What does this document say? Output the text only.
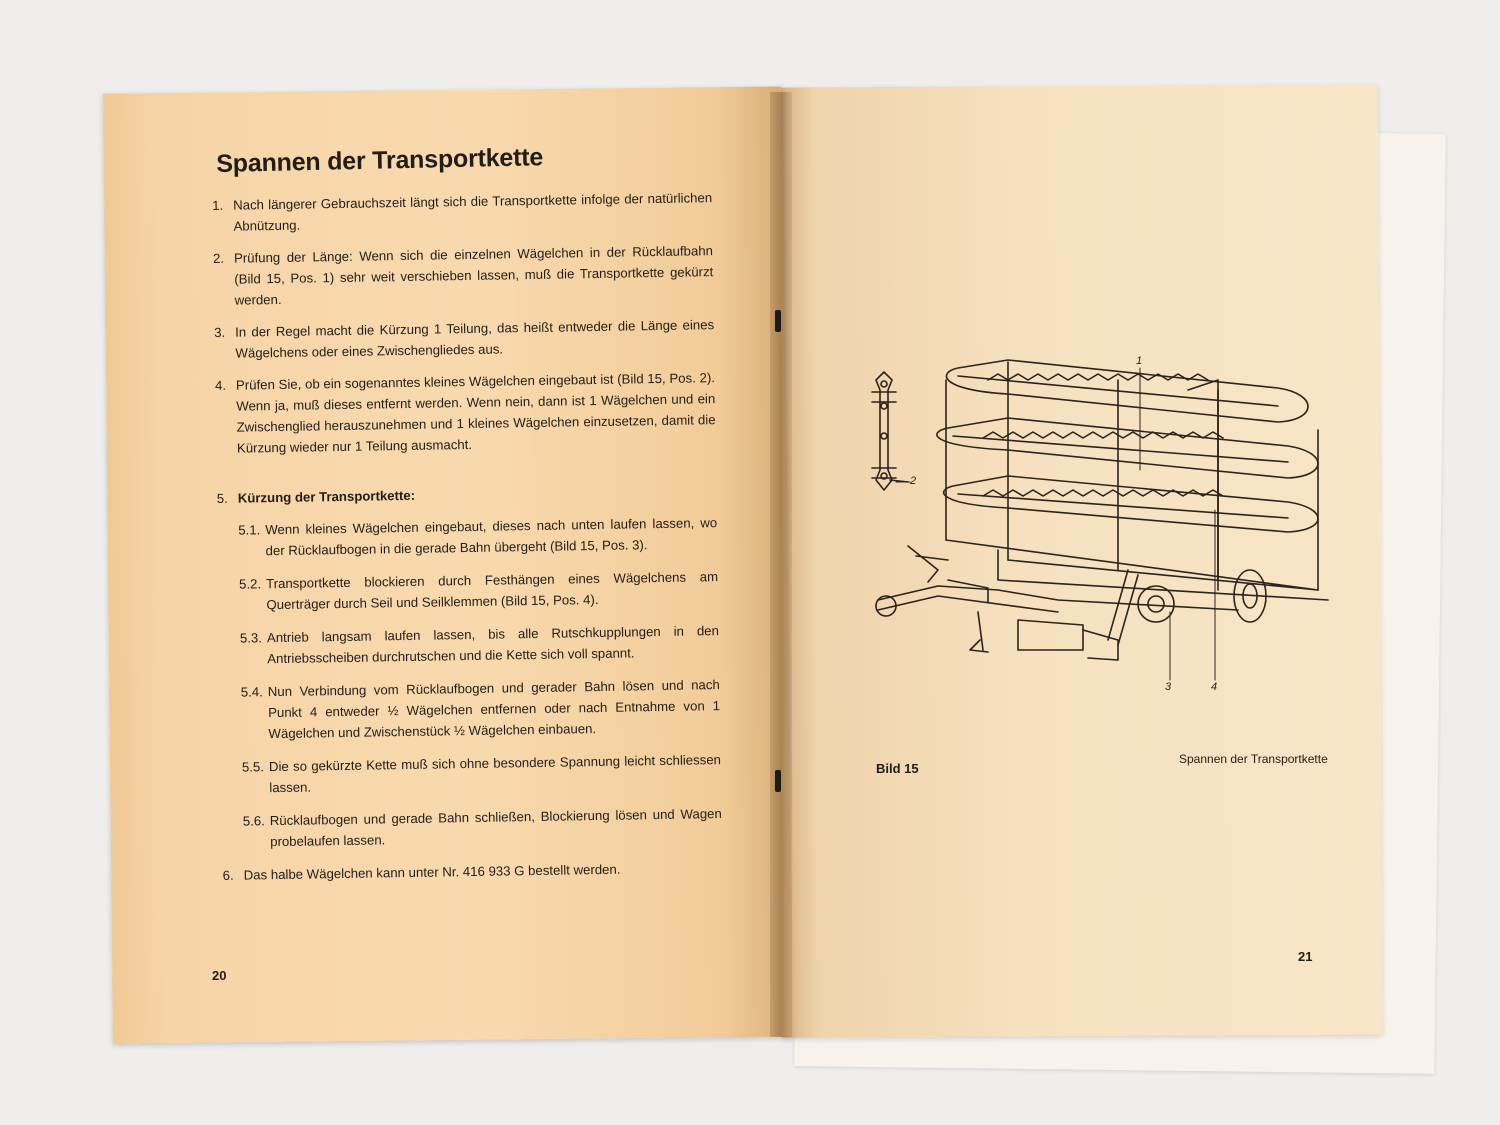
Spannen der Transportkette
1. Nach längerer Gebrauchszeit längt sich die Transportkette infolge der natürlichen Abnützung.
2. Prüfung der Länge: Wenn sich die einzelnen Wägelchen in der Rücklaufbahn (Bild 15, Pos. 1) sehr weit verschieben lassen, muß die Transportkette gekürzt werden.
3. In der Regel macht die Kürzung 1 Teilung, das heißt entweder die Länge eines Wägelchens oder eines Zwischengliedes aus.
4. Prüfen Sie, ob ein sogenanntes kleines Wägelchen eingebaut ist (Bild 15, Pos. 2). Wenn ja, muß dieses entfernt werden. Wenn nein, dann ist 1 Wägelchen und ein Zwischenglied herauszunehmen und 1 kleines Wägelchen einzusetzen, damit die Kürzung wieder nur 1 Teilung ausmacht.
5. Kürzung der Transportkette:
5.1. Wenn kleines Wägelchen eingebaut, dieses nach unten laufen lassen, wo der Rücklaufbogen in die gerade Bahn übergeht (Bild 15, Pos. 3).
5.2. Transportkette blockieren durch Festhängen eines Wägelchens am Querträger durch Seil und Seilklemmen (Bild 15, Pos. 4).
5.3. Antrieb langsam laufen lassen, bis alle Rutschkupplungen in den Antriebsscheiben durchrutschen und die Kette sich voll spannt.
5.4. Nun Verbindung vom Rücklaufbogen und gerader Bahn lösen und nach Punkt 4 entweder ½ Wägelchen entfernen oder nach Entnahme von 1 Wägelchen und Zwischenstück ½ Wägelchen einbauen.
5.5. Die so gekürzte Kette muß sich ohne besondere Spannung leicht schliessen lassen.
5.6. Rücklaufbogen und gerade Bahn schließen, Blockierung lösen und Wagen probelaufen lassen.
6. Das halbe Wägelchen kann unter Nr. 416 933 G bestellt werden.
20
1
2
3	4
Bild 15
Spannen der Transportkette
21
